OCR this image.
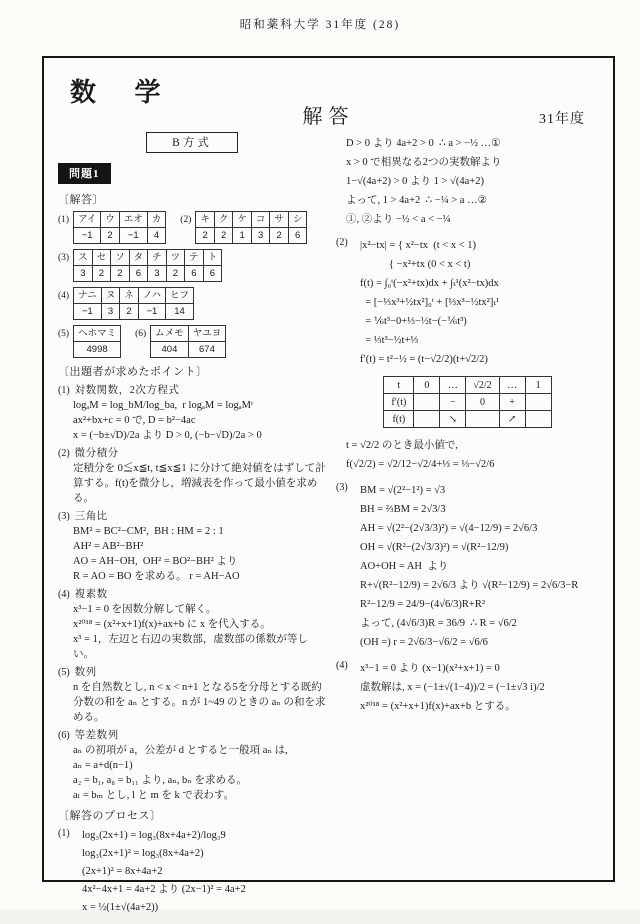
昭和薬科大学 31年度 (28)
数 学
解答	31年度
B方式
問題1
〔解答〕
(1) アイ	ウ	エオ	カ
−1	2	−1	4
(2) キ	ク	ケ	コ	サ	シ
2	2	1	3	2	6
(3) ス	セ	ソ	タ	チ	ツ	テ	ト
3	2	2	6	3	2	6	6
(4) ナニ	ヌ	ネ	ノハ	ヒフ
−1	3	2	−1	14
(5) ヘホマミ
4998
(6) ムメモ	ヤユヨ
404	674
〔出題者が求めたポイント〕
(1) 対数関数，2次方程式
logₐM = log_bM/log_ba,  r logₐM = logₐMʳ
ax²+bx+c = 0 で, D = b²−4ac
x = (−b±√D)/2a より D > 0, (−b−√D)/2a > 0
(2) 微分積分
定積分を 0≦x≦t, t≦x≦1 に分けて絶対値をはずして計算する。f(t)を微分し，増減表を作って最小値を求める。
(3) 三角比
BM² = BC²−CM²,  BH : HM = 2 : 1
AH² = AB²−BH²
AO = AH−OH,  OH² = BO²−BH² より
R = AO = BO を求める。 r = AH−AO
(4) 複素数
x³−1 = 0 を因数分解して解く。
x²⁰¹⁸ = (x²+x+1)f(x)+ax+b に x を代入する。
x³ = 1，左辺と右辺の実数部，虚数部の係数が等しい。
(5) 数列
n を自然数とし, n < x < n+1 となる5を分母とする既約分数の和を aₙ とする。n が 1~49 のときの aₙ の和を求める。
(6) 等差数列
aₙ の初項が a，公差が d とすると一般項 aₙ は,
aₙ = a+d(n−1)
a₂ = b₁, a₈ = b₁₁ より, aₙ, bₙ を求める。
aₗ = bₘ とし, l と m を k で表わす。
〔解答のプロセス〕
(1) log₃(2x+1) = log₃(8x+4a+2)/log₃9
log₃(2x+1)² = log₃(8x+4a+2)
(2x+1)² = 8x+4a+2
4x²−4x+1 = 4a+2 より (2x−1)² = 4a+2
x = ½(1±√(4a+2))
D > 0 より 4a+2 > 0  ∴ a > −½ …①
x > 0 で相異なる2つの実数解より
1−√(4a+2) > 0 より 1 > √(4a+2)
よって, 1 > 4a+2  ∴ −¼ > a …②
①, ②より −½ < a < −¼
(2) |x²−tx| = { x²−tx  (t < x < 1)
{ −x²+tx (0 < x < t)
f(t) = ∫₀ᵗ(−x²+tx)dx + ∫ₜ¹(x²−tx)dx
= [−⅓x³+½tx²]₀ᵗ + [⅓x³−½tx²]ₜ¹
= ⅙t³−0+⅓−½t−(−⅙t³)
= ⅓t³−½t+⅓
f′(t) = t²−½ = (t−√2/2)(t+√2/2)
t	0	…	√2/2	…	1
f′(t)		−	0	+	
f(t)		↘		↗	
t = √2/2 のとき最小値で,
f(√2/2) = √2/12−√2/4+⅓ = ⅓−√2/6
(3) BM = √(2²−1²) = √3
BH = ⅔BM = 2√3/3
AH = √(2²−(2√3/3)²) = √(4−12/9) = 2√6/3
OH = √(R²−(2√3/3)²) = √(R²−12/9)
AO+OH = AH  より
R+√(R²−12/9) = 2√6/3 より √(R²−12/9) = 2√6/3−R
R²−12/9 = 24/9−(4√6/3)R+R²
よって, (4√6/3)R = 36/9  ∴ R = √6/2
(OH =) r = 2√6/3−√6/2 = √6/6
(4) x³−1 = 0 より (x−1)(x²+x+1) = 0
虚数解は, x = (−1±√(1−4))/2 = (−1±√3 i)/2
x²⁰¹⁸ = (x²+x+1)f(x)+ax+b とする。
